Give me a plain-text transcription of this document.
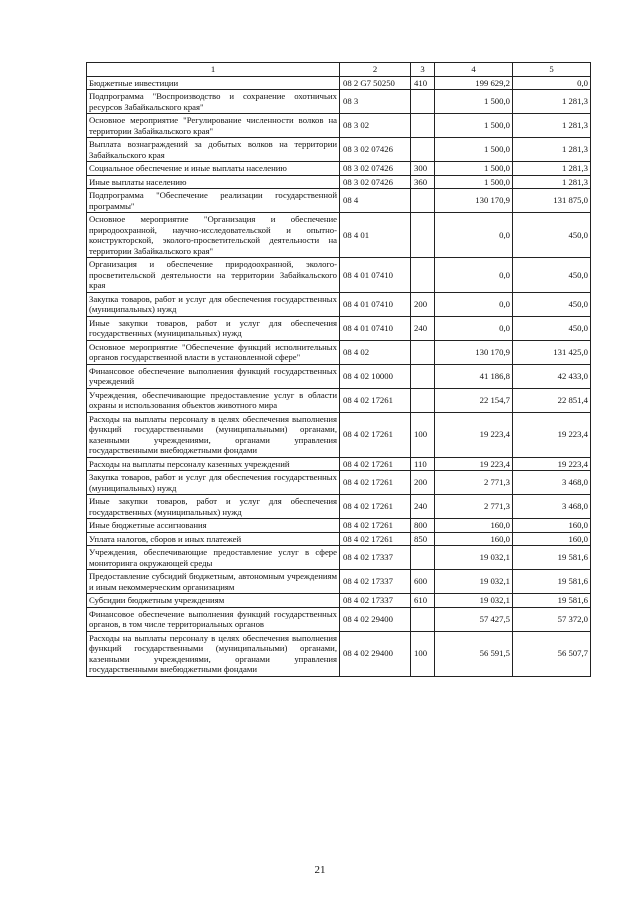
1	2	3	4	5
Бюджетные инвестиции	08 2 G7 50250	410	199 629,2	0,0
Подпрограмма "Воспроизводство и сохранение охотничьих ресурсов Забайкальского края"	08 3		1 500,0	1 281,3
Основное мероприятие "Регулирование численности волков на территории Забайкальского края"	08 3 02		1 500,0	1 281,3
Выплата вознаграждений за добытых волков на территории Забайкальского края	08 3 02 07426		1 500,0	1 281,3
Социальное обеспечение и иные выплаты населению	08 3 02 07426	300	1 500,0	1 281,3
Иные выплаты населению	08 3 02 07426	360	1 500,0	1 281,3
Подпрограмма "Обеспечение реализации государственной программы"	08 4		130 170,9	131 875,0
Основное мероприятие "Организация и обеспечение природоохранной, научно-исследовательской и опытно-конструкторской, эколого-просветительской деятельности на территории Забайкальского края"	08 4 01		0,0	450,0
Организация и обеспечение природоохранной, эколого-просветительской деятельности на территории Забайкальского края	08 4 01 07410		0,0	450,0
Закупка товаров, работ и услуг для обеспечения государственных (муниципальных) нужд	08 4 01 07410	200	0,0	450,0
Иные закупки товаров, работ и услуг для обеспечения государственных (муниципальных) нужд	08 4 01 07410	240	0,0	450,0
Основное мероприятие "Обеспечение функций исполнительных органов государственной власти в установленной сфере"	08 4 02		130 170,9	131 425,0
Финансовое обеспечение выполнения функций государственных учреждений	08 4 02 10000		41 186,8	42 433,0
Учреждения, обеспечивающие предоставление услуг в области охраны и использования объектов животного мира	08 4 02 17261		22 154,7	22 851,4
Расходы на выплаты персоналу в целях обеспечения выполнения функций государственными (муниципальными) органами, казенными учреждениями, органами управления государственными внебюджетными фондами	08 4 02 17261	100	19 223,4	19 223,4
Расходы на выплаты персоналу казенных учреждений	08 4 02 17261	110	19 223,4	19 223,4
Закупка товаров, работ и услуг для обеспечения государственных (муниципальных) нужд	08 4 02 17261	200	2 771,3	3 468,0
Иные закупки товаров, работ и услуг для обеспечения государственных (муниципальных) нужд	08 4 02 17261	240	2 771,3	3 468,0
Иные бюджетные ассигнования	08 4 02 17261	800	160,0	160,0
Уплата налогов, сборов и иных платежей	08 4 02 17261	850	160,0	160,0
Учреждения, обеспечивающие предоставление услуг в сфере мониторинга окружающей среды	08 4 02 17337		19 032,1	19 581,6
Предоставление субсидий бюджетным, автономным учреждениям и иным некоммерческим организациям	08 4 02 17337	600	19 032,1	19 581,6
Субсидии бюджетным учреждениям	08 4 02 17337	610	19 032,1	19 581,6
Финансовое обеспечение выполнения функций государственных органов, в том числе территориальных органов	08 4 02 29400		57 427,5	57 372,0
Расходы на выплаты персоналу в целях обеспечения выполнения функций государственными (муниципальными) органами, казенными учреждениями, органами управления государственными внебюджетными фондами	08 4 02 29400	100	56 591,5	56 507,7
21
